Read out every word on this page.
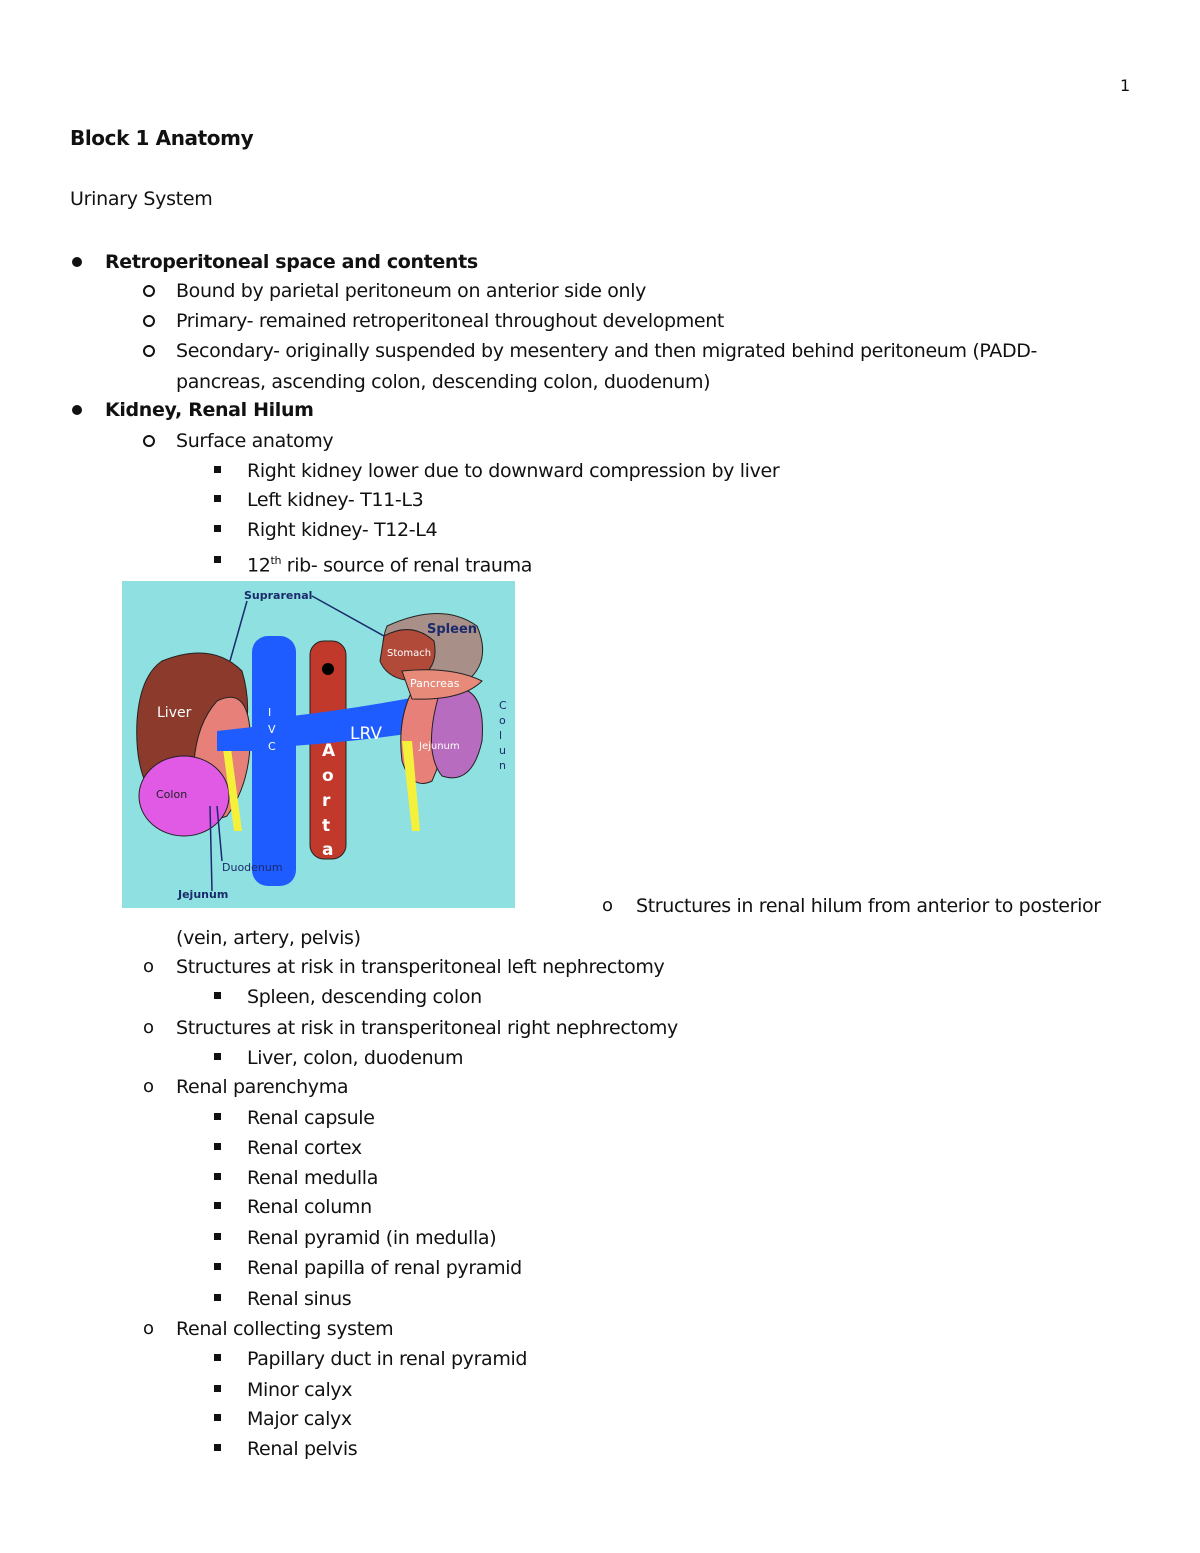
1
Block 1 Anatomy
Urinary System
Retroperitoneal space and contents
Bound by parietal peritoneum on anterior side only
Primary- remained retroperitoneal throughout development
Secondary- originally suspended by mesentery and then migrated behind peritoneum (PADD-
pancreas, ascending colon, descending colon, duodenum)
Kidney, Renal Hilum
Surface anatomy
Right kidney lower due to downward compression by liver
Left kidney- T11-L3
Right kidney- T12-L4
12th rib- source of renal trauma
Suprarenal
Spleen
Stomach
Pancreas
Liver	I
V
C
LRV
Jejunum
Colon
A
o
r
t
a
Duodenum
Jejunum
C
o
l
u
n
o Structures in renal hilum from anterior to posterior
(vein, artery, pelvis)
o Structures at risk in transperitoneal left nephrectomy
Spleen, descending colon
o Structures at risk in transperitoneal right nephrectomy
Liver, colon, duodenum
o Renal parenchyma
Renal capsule
Renal cortex
Renal medulla
Renal column
Renal pyramid (in medulla)
Renal papilla of renal pyramid
Renal sinus
o Renal collecting system
Papillary duct in renal pyramid
Minor calyx
Major calyx
Renal pelvis
